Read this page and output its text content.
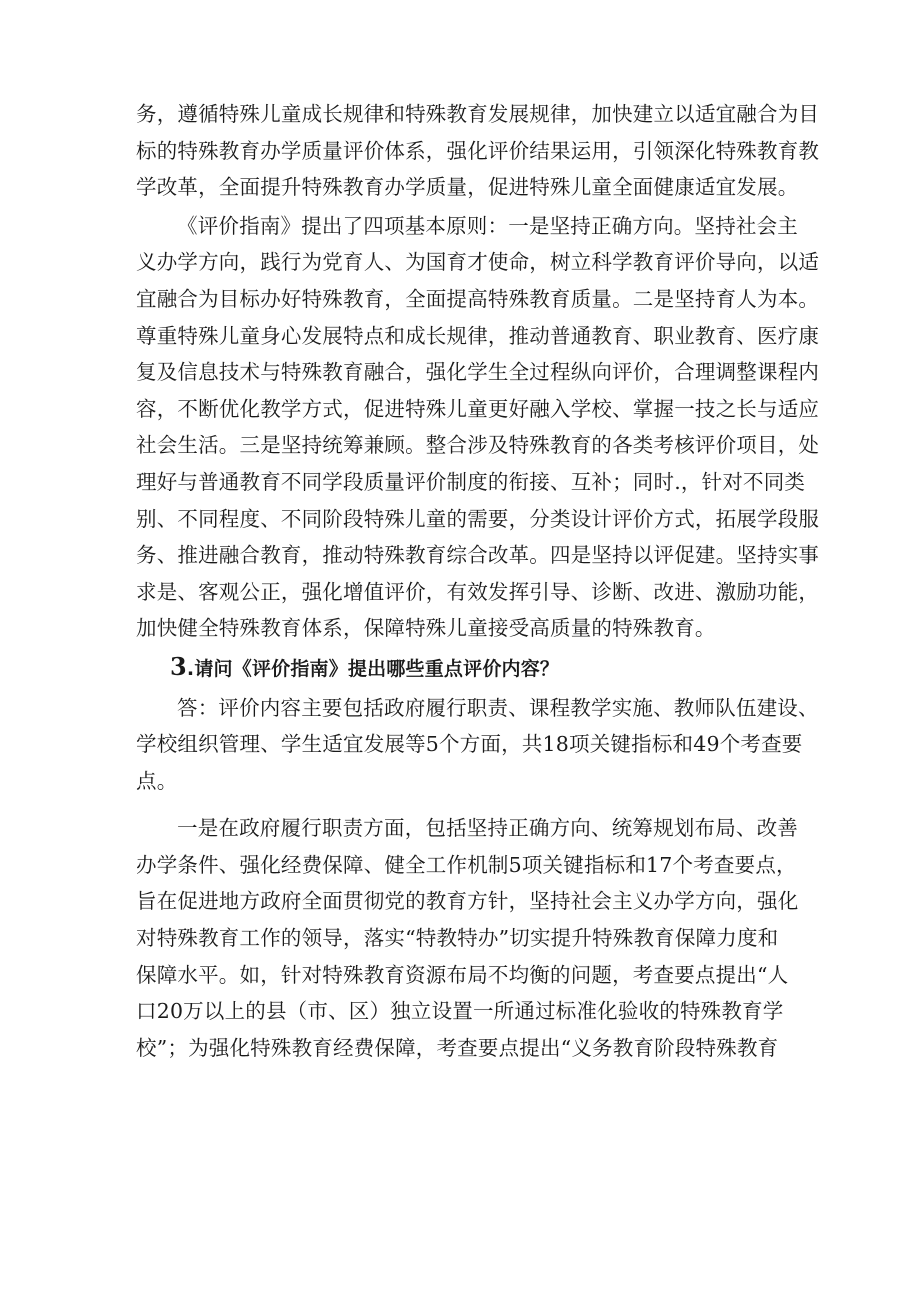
务，遵循特殊儿童成长规律和特殊教育发展规律，加快建立以适宜融合为目
标的特殊教育办学质量评价体系，强化评价结果运用，引领深化特殊教育教
学改革，全面提升特殊教育办学质量，促进特殊儿童全面健康适宜发展。
《评价指南》提出了四项基本原则：一是坚持正确方向。坚持社会主
义办学方向，践行为党育人、为国育才使命，树立科学教育评价导向，以适
宜融合为目标办好特殊教育，全面提高特殊教育质量。二是坚持育人为本。
尊重特殊儿童身心发展特点和成长规律，推动普通教育、职业教育、医疗康
复及信息技术与特殊教育融合，强化学生全过程纵向评价，合理调整课程内
容，不断优化教学方式，促进特殊儿童更好融入学校、掌握一技之长与适应
社会生活。三是坚持统筹兼顾。整合涉及特殊教育的各类考核评价项目，处
理好与普通教育不同学段质量评价制度的衔接、互补；同时.，针对不同类
别、不同程度、不同阶段特殊儿童的需要，分类设计评价方式，拓展学段服
务、推进融合教育，推动特殊教育综合改革。四是坚持以评促建。坚持实事
求是、客观公正，强化增值评价，有效发挥引导、诊断、改进、激励功能，
加快健全特殊教育体系，保障特殊儿童接受高质量的特殊教育。
3.请问《评价指南》提出哪些重点评价内容？
答：评价内容主要包括政府履行职责、课程教学实施、教师队伍建设、
学校组织管理、学生适宜发展等5个方面，共18项关键指标和49个考查要
点。
一是在政府履行职责方面，包括坚持正确方向、统筹规划布局、改善
办学条件、强化经费保障、健全工作机制5项关键指标和17个考查要点，
旨在促进地方政府全面贯彻党的教育方针，坚持社会主义办学方向，强化
对特殊教育工作的领导，落实“特教特办”切实提升特殊教育保障力度和
保障水平。如，针对特殊教育资源布局不均衡的问题，考查要点提出“人
口20万以上的县（市、区）独立设置一所通过标准化验收的特殊教育学
校”；为强化特殊教育经费保障，考查要点提出“义务教育阶段特殊教育
